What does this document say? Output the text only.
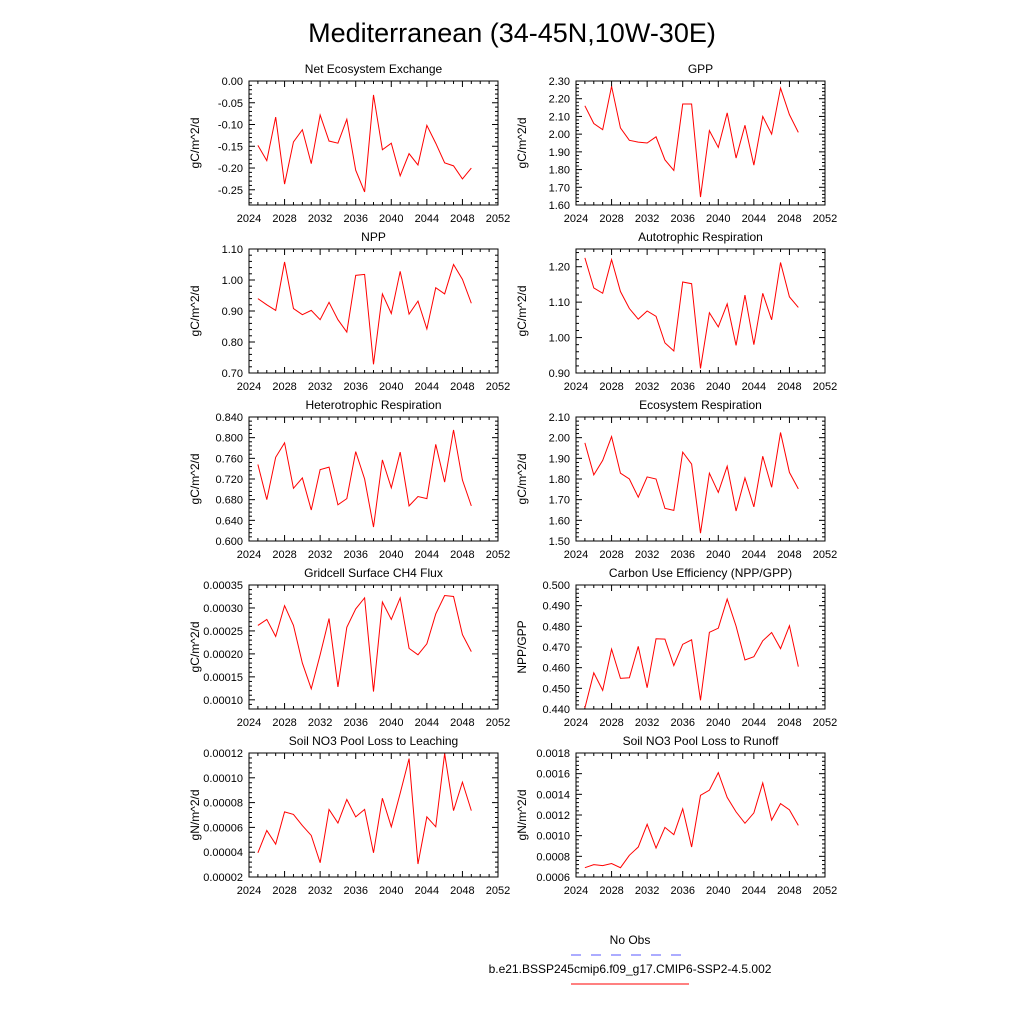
Mediterranean (34-45N,10W-30E)
Net Ecosystem Exchange
gC/m^2/d
2024 2028 2032 2036 2040 2044 2048 2052
0.00
-0.05
-0.10
-0.15
-0.20
-0.25
GPP
gC/m^2/d
2024 2028 2032 2036 2040 2044 2048 2052
2.30
2.20
2.10
2.00
1.90
1.80
1.70
1.60
NPP
gC/m^2/d
2024 2028 2032 2036 2040 2044 2048 2052
1.10
1.00
0.90
0.80
0.70
Autotrophic Respiration
gC/m^2/d
2024 2028 2032 2036 2040 2044 2048 2052
1.20
1.10
1.00
0.90
Heterotrophic Respiration
gC/m^2/d
2024 2028 2032 2036 2040 2044 2048 2052
0.840
0.800
0.760
0.720
0.680
0.640
0.600
Ecosystem Respiration
gC/m^2/d
2024 2028 2032 2036 2040 2044 2048 2052
2.10
2.00
1.90
1.80
1.70
1.60
1.50
Gridcell Surface CH4 Flux
gC/m^2/d
2024 2028 2032 2036 2040 2044 2048 2052
0.00035
0.00030
0.00025
0.00020
0.00015
0.00010
Carbon Use Efficiency (NPP/GPP)
NPP/GPP
2024 2028 2032 2036 2040 2044 2048 2052
0.500
0.490
0.480
0.470
0.460
0.450
0.440
Soil NO3 Pool Loss to Leaching
gN/m^2/d
2024 2028 2032 2036 2040 2044 2048 2052
0.00012
0.00010
0.00008
0.00006
0.00004
0.00002
Soil NO3 Pool Loss to Runoff
gN/m^2/d
2024 2028 2032 2036 2040 2044 2048 2052
0.0018
0.0016
0.0014
0.0012
0.0010
0.0008
0.0006
No Obs
b.e21.BSSP245cmip6.f09_g17.CMIP6-SSP2-4.5.002
